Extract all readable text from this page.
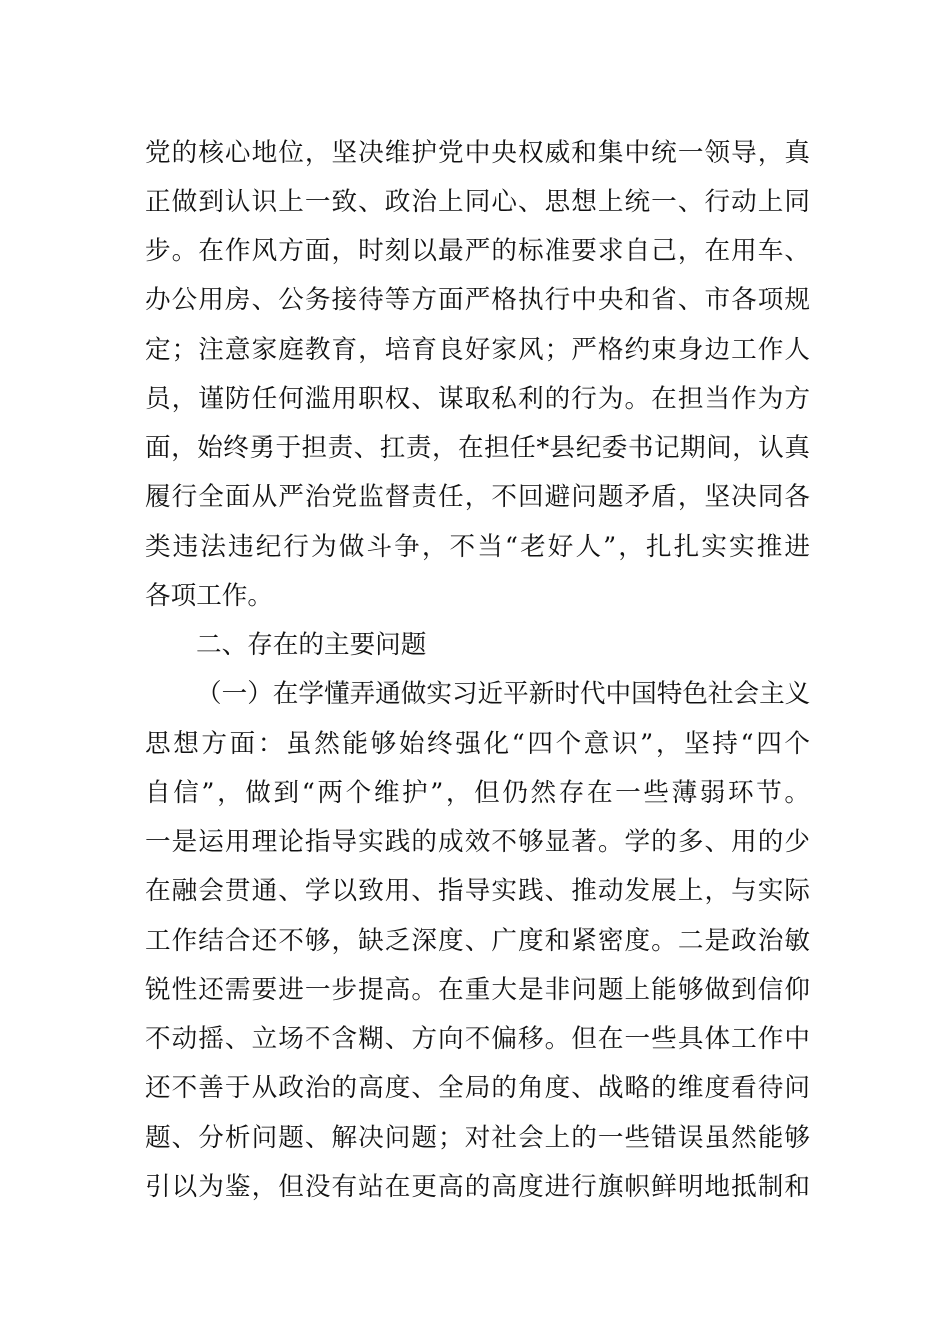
党的核心地位，坚决维护党中央权威和集中统一领导，真
正做到认识上一致、政治上同心、思想上统一、行动上同
步。在作风方面，时刻以最严的标准要求自己，在用车、
办公用房、公务接待等方面严格执行中央和省、市各项规
定；注意家庭教育，培育良好家风；严格约束身边工作人
员，谨防任何滥用职权、谋取私利的行为。在担当作为方
面，始终勇于担责、扛责，在担任*县纪委书记期间，认真
履行全面从严治党监督责任，不回避问题矛盾，坚决同各
类违法违纪行为做斗争，不当“老好人”，扎扎实实推进
各项工作。
二、存在的主要问题
（一）在学懂弄通做实习近平新时代中国特色社会主义
思想方面：虽然能够始终强化“四个意识”，坚持“四个
自信”，做到“两个维护”，但仍然存在一些薄弱环节。
一是运用理论指导实践的成效不够显著。学的多、用的少
在融会贯通、学以致用、指导实践、推动发展上，与实际
工作结合还不够，缺乏深度、广度和紧密度。二是政治敏
锐性还需要进一步提高。在重大是非问题上能够做到信仰
不动摇、立场不含糊、方向不偏移。但在一些具体工作中
还不善于从政治的高度、全局的角度、战略的维度看待问
题、分析问题、解决问题；对社会上的一些错误虽然能够
引以为鉴，但没有站在更高的高度进行旗帜鲜明地抵制和
